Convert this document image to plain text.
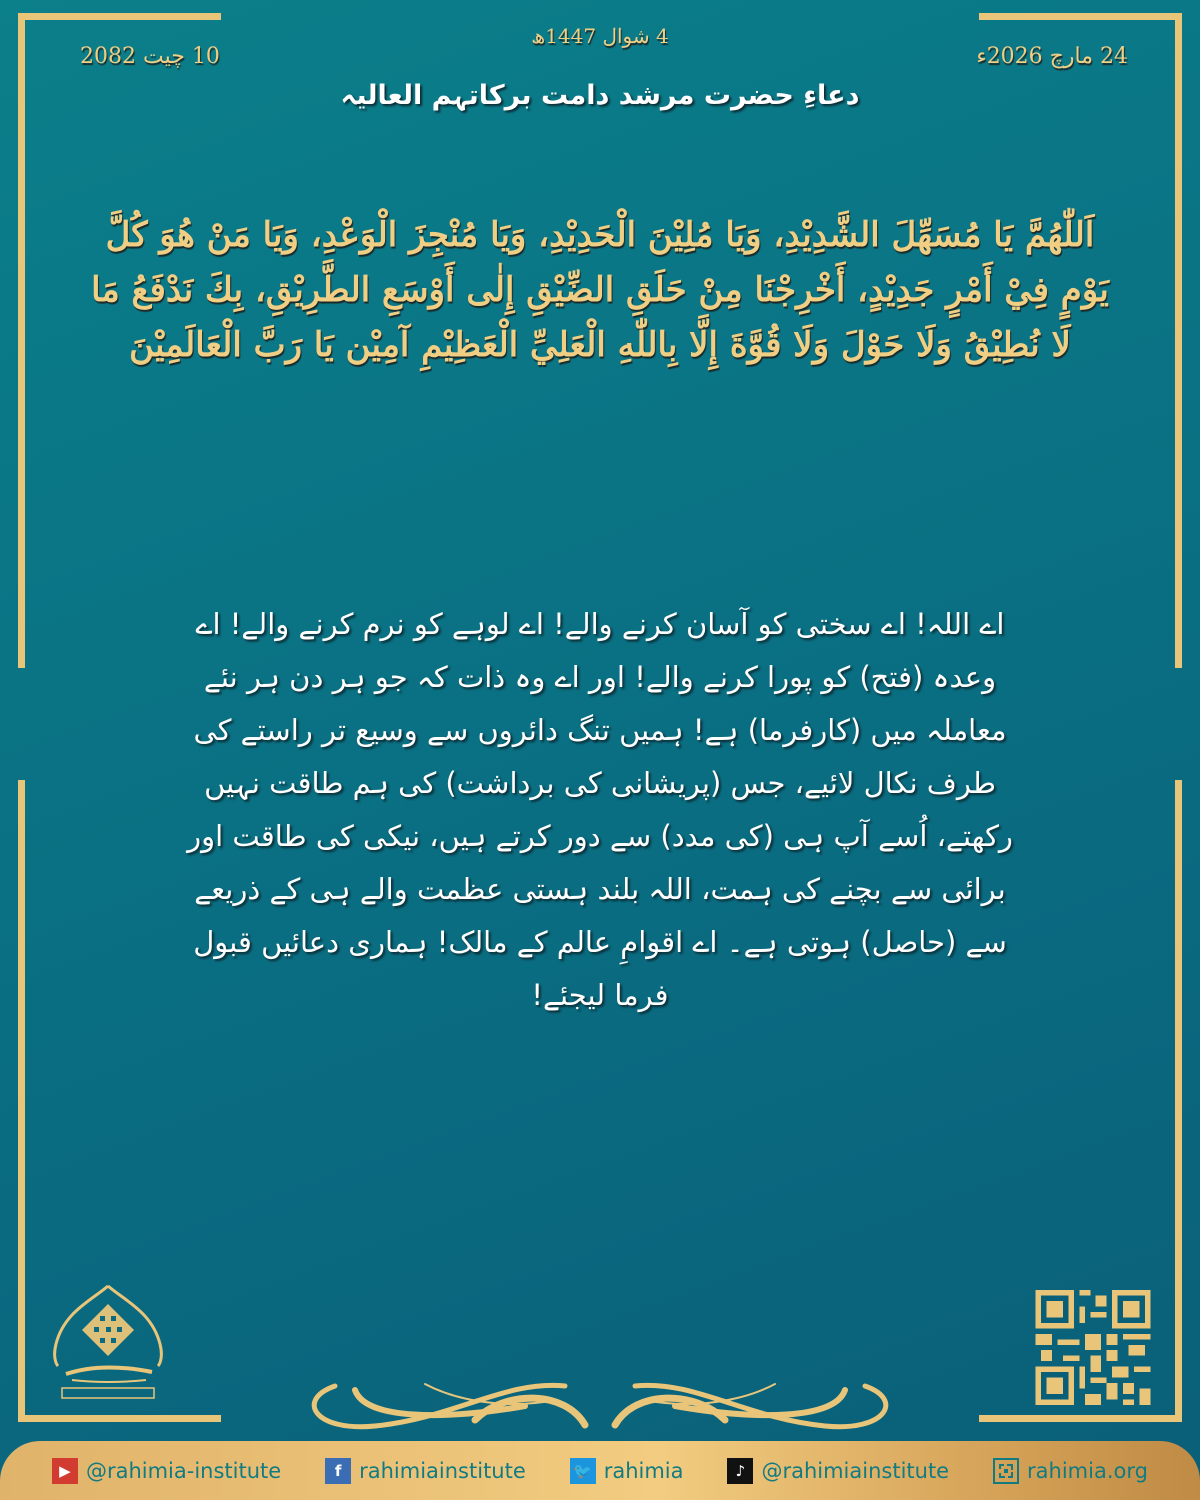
10 چیت 2082
4 شوال 1447ھ
24 مارچ 2026ء
دعاءِ حضرت مرشد دامت برکاتہم العالیہ
اَللّٰهُمَّ يَا مُسَهِّلَ الشَّدِيْدِ، وَيَا مُلِيْنَ الْحَدِيْدِ، وَيَا مُنْجِزَ الْوَعْدِ، وَيَا مَنْ هُوَ كُلَّ يَوْمٍ فِيْ أَمْرٍ جَدِيْدٍ، أَخْرِجْنَا مِنْ حَلَقِ الضِّيْقِ إِلٰى أَوْسَعِ الطَّرِيْقِ، بِكَ نَدْفَعُ مَا لَا نُطِيْقُ وَلَا حَوْلَ وَلَا قُوَّةَ إِلَّا بِاللّٰهِ الْعَلِيِّ الْعَظِيْمِ آمِيْن يَا رَبَّ الْعَالَمِيْنَ
اے اللہ! اے سختی کو آسان کرنے والے! اے لوہے کو نرم کرنے والے! اے وعدہ (فتح) کو پورا کرنے والے! اور اے وہ ذات کہ جو ہر دن ہر نئے معاملہ میں (کارفرما) ہے! ہمیں تنگ دائروں سے وسیع تر راستے کی طرف نکال لائیے، جس (پریشانی کی برداشت) کی ہم طاقت نہیں رکھتے، اُسے آپ ہی (کی مدد) سے دور کرتے ہیں، نیکی کی طاقت اور برائی سے بچنے کی ہمت، اللہ بلند ہستی عظمت والے ہی کے ذریعے سے (حاصل) ہوتی ہے۔ اے اقوامِ عالم کے مالک! ہماری دعائیں قبول فرما لیجئے!
▶ @rahimia-institute	f rahimiainstitute	🐦 rahimia	♪ @rahimiainstitute	rahimia.org
